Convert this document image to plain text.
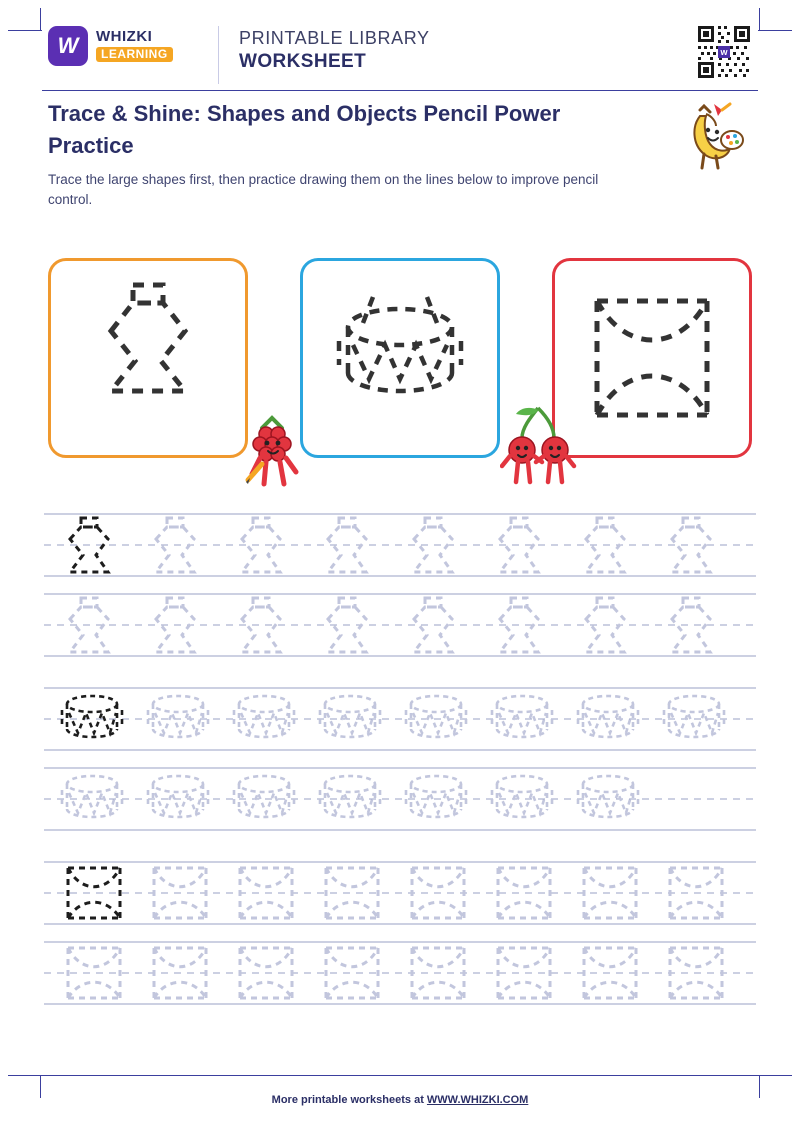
W	WHIZKI
LEARNING
PRINTABLE LIBRARY
WORKSHEET	w
Trace & Shine: Shapes and Objects Pencil Power Practice
Trace the large shapes first, then practice drawing them on the lines below to improve pencil control.
More printable worksheets at WWW.WHIZKI.COM
